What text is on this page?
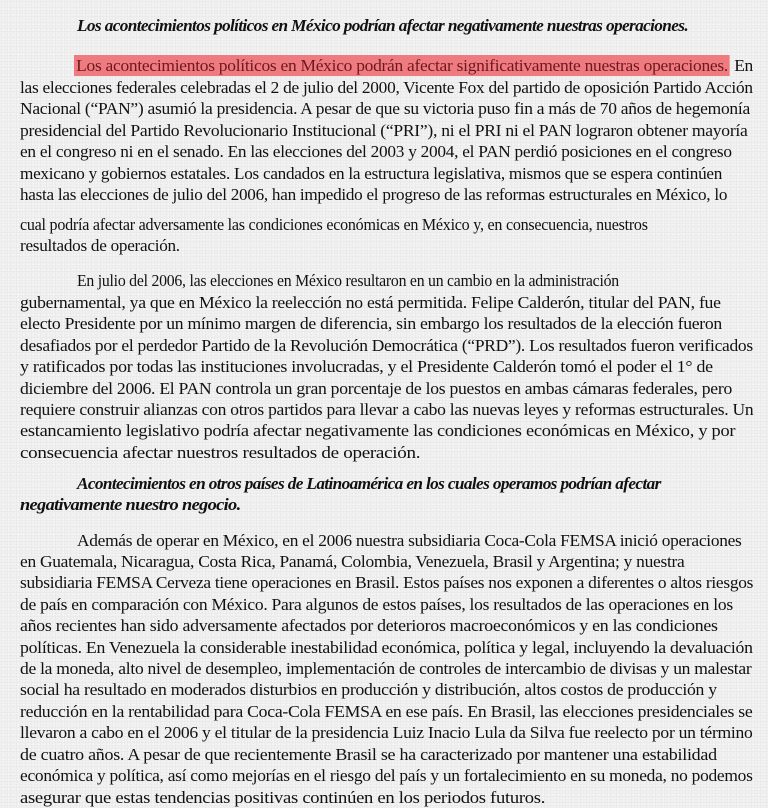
Los acontecimientos políticos en México podrían afectar negativamente nuestras operaciones.
Los acontecimientos políticos en México podrán afectar significativamente nuestras operaciones. En
las elecciones federales celebradas el 2 de julio del 2000, Vicente Fox del partido de oposición Partido Acción
Nacional (“PAN”) asumió la presidencia. A pesar de que su victoria puso fin a más de 70 años de hegemonía
presidencial del Partido Revolucionario Institucional (“PRI”), ni el PRI ni el PAN lograron obtener mayoría
en el congreso ni en el senado. En las elecciones del 2003 y 2004, el PAN perdió posiciones en el congreso
mexicano y gobiernos estatales. Los candados en la estructura legislativa, mismos que se espera continúen
hasta las elecciones de julio del 2006, han impedido el progreso de las reformas estructurales en México, lo
cual podría afectar adversamente las condiciones económicas en México y, en consecuencia, nuestros
resultados de operación.
En julio del 2006, las elecciones en México resultaron en un cambio en la administración
gubernamental, ya que en México la reelección no está permitida. Felipe Calderón, titular del PAN, fue
electo Presidente por un mínimo margen de diferencia, sin embargo los resultados de la elección fueron
desafiados por el perdedor Partido de la Revolución Democrática (“PRD”). Los resultados fueron verificados
y ratificados por todas las instituciones involucradas, y el Presidente Calderón tomó el poder el 1° de
diciembre del 2006. El PAN controla un gran porcentaje de los puestos en ambas cámaras federales, pero
requiere construir alianzas con otros partidos para llevar a cabo las nuevas leyes y reformas estructurales. Un
estancamiento legislativo podría afectar negativamente las condiciones económicas en México, y por
consecuencia afectar nuestros resultados de operación.
Acontecimientos en otros países de Latinoamérica en los cuales operamos podrían afectar
negativamente nuestro negocio.
Además de operar en México, en el 2006 nuestra subsidiaria Coca-Cola FEMSA inició operaciones
en Guatemala, Nicaragua, Costa Rica, Panamá, Colombia, Venezuela, Brasil y Argentina; y nuestra
subsidiaria FEMSA Cerveza tiene operaciones en Brasil. Estos países nos exponen a diferentes o altos riesgos
de país en comparación con México. Para algunos de estos países, los resultados de las operaciones en los
años recientes han sido adversamente afectados por deterioros macroeconómicos y en las condiciones
políticas. En Venezuela la considerable inestabilidad económica, política y legal, incluyendo la devaluación
de la moneda, alto nivel de desempleo, implementación de controles de intercambio de divisas y un malestar
social ha resultado en moderados disturbios en producción y distribución, altos costos de producción y
reducción en la rentabilidad para Coca-Cola FEMSA en ese país. En Brasil, las elecciones presidenciales se
llevaron a cabo en el 2006 y el titular de la presidencia Luiz Inacio Lula da Silva fue reelecto por un término
de cuatro años. A pesar de que recientemente Brasil se ha caracterizado por mantener una estabilidad
económica y política, así como mejorías en el riesgo del país y un fortalecimiento en su moneda, no podemos
asegurar que estas tendencias positivas continúen en los periodos futuros.
